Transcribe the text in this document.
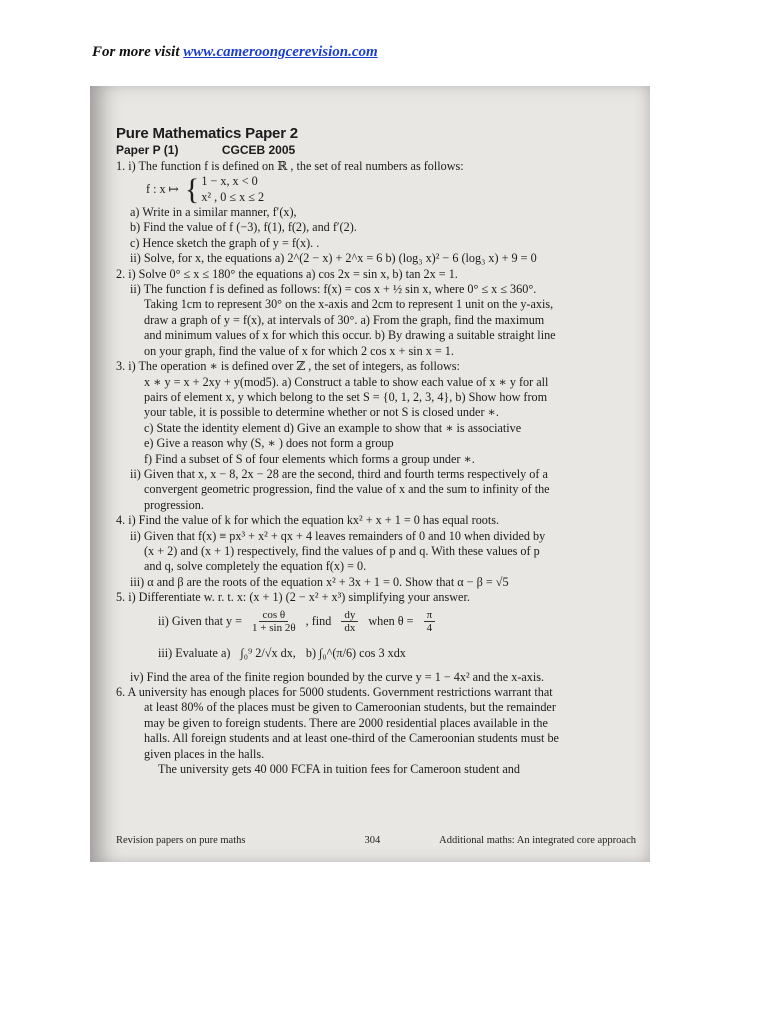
For more visit www.cameroongcerevision.com
Pure Mathematics Paper 2
Paper P (1)	CGCEB 2005
1. i) The function f is defined on ℝ , the set of real numbers as follows:
f : x ↦ { 1 − x, x < 0
x² , 0 ≤ x ≤ 2
a) Write in a similar manner, f′(x),
b) Find the value of f (−3), f(1), f(2), and f′(2).
c) Hence sketch the graph of y = f(x). .
ii) Solve, for x, the equations a) 2^(2 − x) + 2^x = 6 b) (log₃ x)² − 6 (log₃ x) + 9 = 0
2. i) Solve 0° ≤ x ≤ 180° the equations a) cos 2x = sin x, b) tan 2x = 1.
ii) The function f is defined as follows: f(x) = cos x + ½ sin x, where 0° ≤ x ≤ 360°.
Taking 1cm to represent 30° on the x-axis and 2cm to represent 1 unit on the y-axis,
draw a graph of y = f(x), at intervals of 30°. a) From the graph, find the maximum
and minimum values of x for which this occur. b) By drawing a suitable straight line
on your graph, find the value of x for which 2 cos x + sin x = 1.
3. i) The operation ∗ is defined over ℤ , the set of integers, as follows:
x ∗ y = x + 2xy + y(mod5). a) Construct a table to show each value of x ∗ y for all
pairs of element x, y which belong to the set S = {0, 1, 2, 3, 4}, b) Show how from
your table, it is possible to determine whether or not S is closed under ∗.
c) State the identity element d) Give an example to show that ∗ is associative
e) Give a reason why (S, ∗ ) does not form a group
f) Find a subset of S of four elements which forms a group under ∗.
ii) Given that x, x − 8, 2x − 28 are the second, third and fourth terms respectively of a
convergent geometric progression, find the value of x and the sum to infinity of the
progression.
4. i) Find the value of k for which the equation kx² + x + 1 = 0 has equal roots.
ii) Given that f(x) ≡ px³ + x² + qx + 4 leaves remainders of 0 and 10 when divided by
(x + 2) and (x + 1) respectively, find the values of p and q. With these values of p
and q, solve completely the equation f(x) = 0.
iii) α and β are the roots of the equation x² + 3x + 1 = 0. Show that α − β = √5
5. i) Differentiate w. r. t. x: (x + 1) (2 − x² + x³) simplifying your answer.
ii) Given that $y = \frac{\text{cos θ}}{1 + \sin 2\theta}$ , find $\frac{dy}{dx}$ when $\theta = \frac{\pi}{4}$
iii) Evaluate a) ∫₀⁹ 2/√x dx, b) ∫₀^(π/6) cos 3 xdx
iv) Find the area of the finite region bounded by the curve y = 1 − 4x² and the x-axis.
6. A university has enough places for 5000 students. Government restrictions warrant that
at least 80% of the places must be given to Cameroonian students, but the remainder
may be given to foreign students. There are 2000 residential places available in the
halls. All foreign students and at least one-third of the Cameroonian students must be
given places in the halls.
The university gets 40 000 FCFA in tuition fees for Cameroon student and
Revision papers on pure maths	304	Additional maths: An integrated core approach
